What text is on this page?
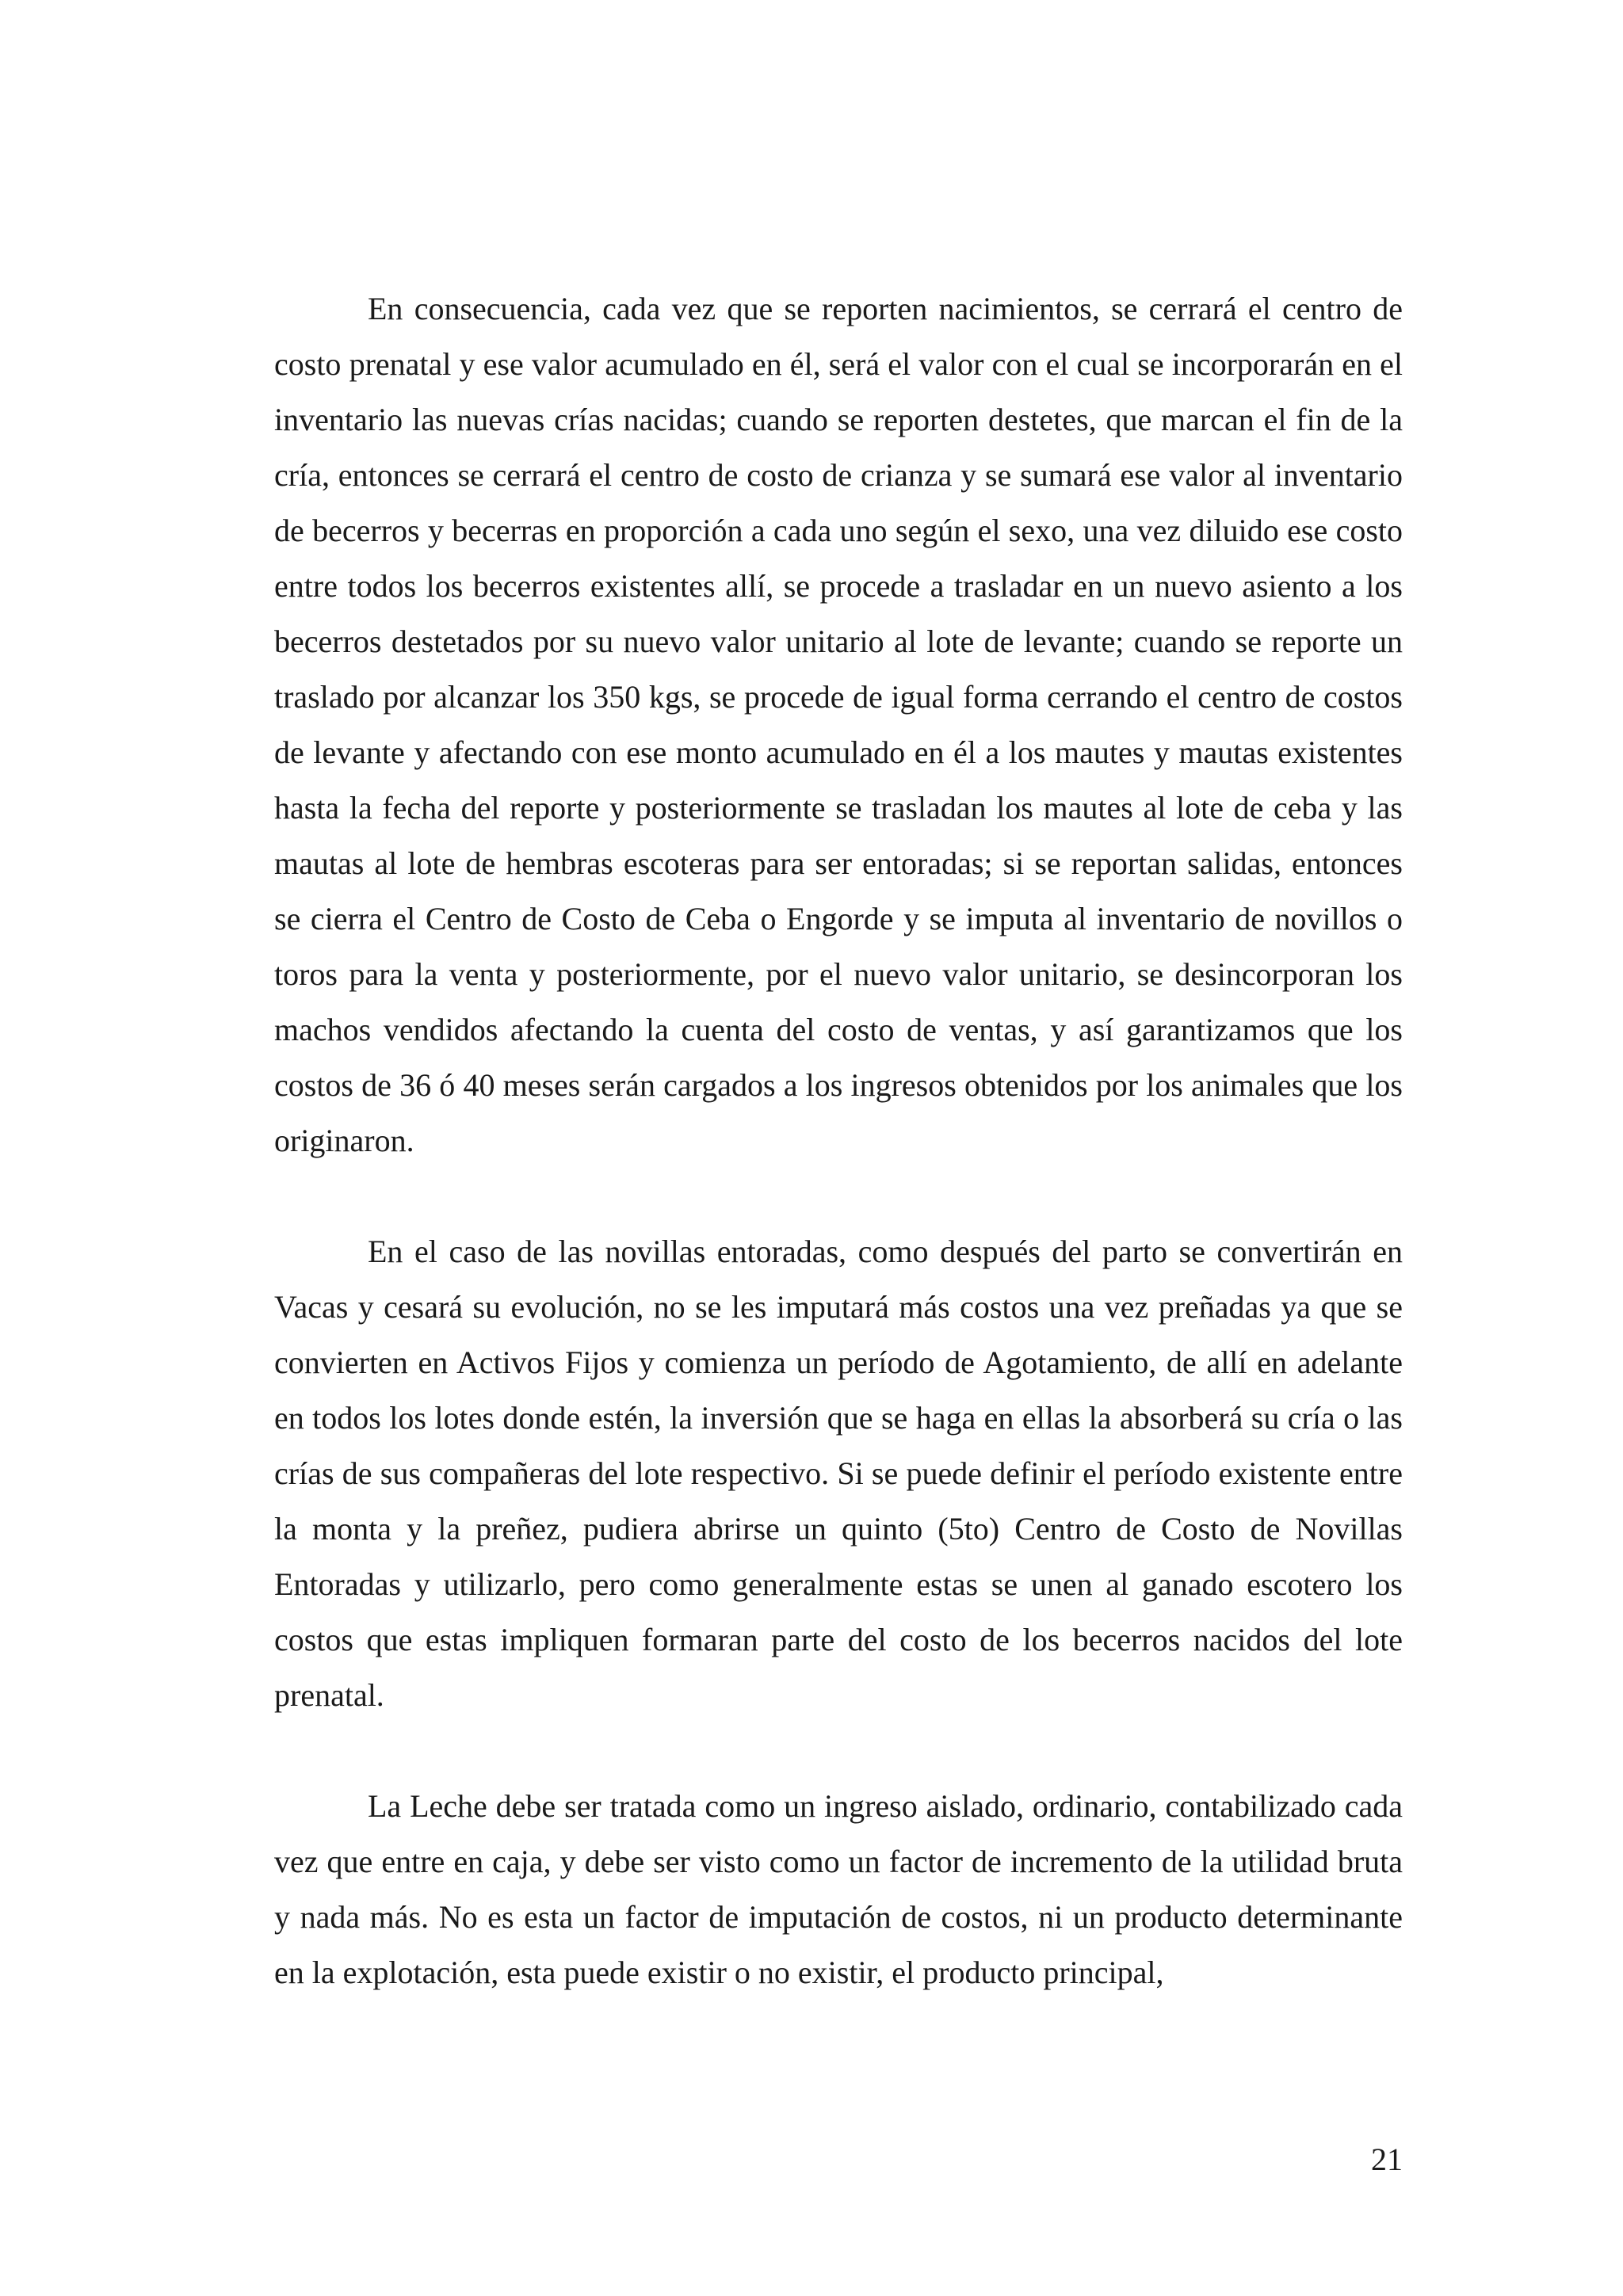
En consecuencia, cada vez que se reporten nacimientos, se cerrará el centro de costo prenatal y ese valor acumulado en él, será el valor con el cual se incorporarán en el inventario las nuevas crías nacidas; cuando se reporten destetes, que marcan el fin de la cría, entonces se cerrará el centro de costo de crianza y se sumará ese valor al inventario de becerros y becerras en proporción a cada uno según el sexo, una vez diluido ese costo entre todos los becerros existentes allí, se procede a trasladar en un nuevo asiento a los becerros destetados por su nuevo valor unitario al lote de levante; cuando se reporte un traslado por alcanzar los 350 kgs, se procede de igual forma cerrando el centro de costos de levante y afectando con ese monto acumulado en él a los mautes y mautas existentes hasta la fecha del reporte y posteriormente se trasladan los mautes al lote de ceba y las mautas al lote de hembras escoteras para ser entoradas; si se reportan salidas, entonces se cierra el Centro de Costo de Ceba o Engorde y se imputa al inventario de novillos o toros para la venta y posteriormente, por el nuevo valor unitario, se desincorporan los machos vendidos afectando la cuenta del costo de ventas, y así garantizamos que los costos de 36 ó 40 meses serán cargados a los ingresos obtenidos por los animales que los originaron.

En el caso de las novillas entoradas, como después del parto se convertirán en Vacas y cesará su evolución, no se les imputará más costos una vez preñadas ya que se convierten en Activos Fijos y comienza un período de Agotamiento, de allí en adelante en todos los lotes donde estén, la inversión que se haga en ellas la absorberá su cría o las crías de sus compañeras del lote respectivo. Si se puede definir el período existente entre la monta y la preñez, pudiera abrirse un quinto (5to) Centro de Costo de Novillas Entoradas y utilizarlo, pero como generalmente estas se unen al ganado escotero los costos que estas impliquen formaran parte del costo de los becerros nacidos del lote prenatal.

La Leche debe ser tratada como un ingreso aislado, ordinario, contabilizado cada vez que entre en caja, y debe ser visto como un factor de incremento de la utilidad bruta y nada más. No es esta un factor de imputación de costos, ni un producto determinante en la explotación, esta puede existir o no existir, el producto principal,

21
